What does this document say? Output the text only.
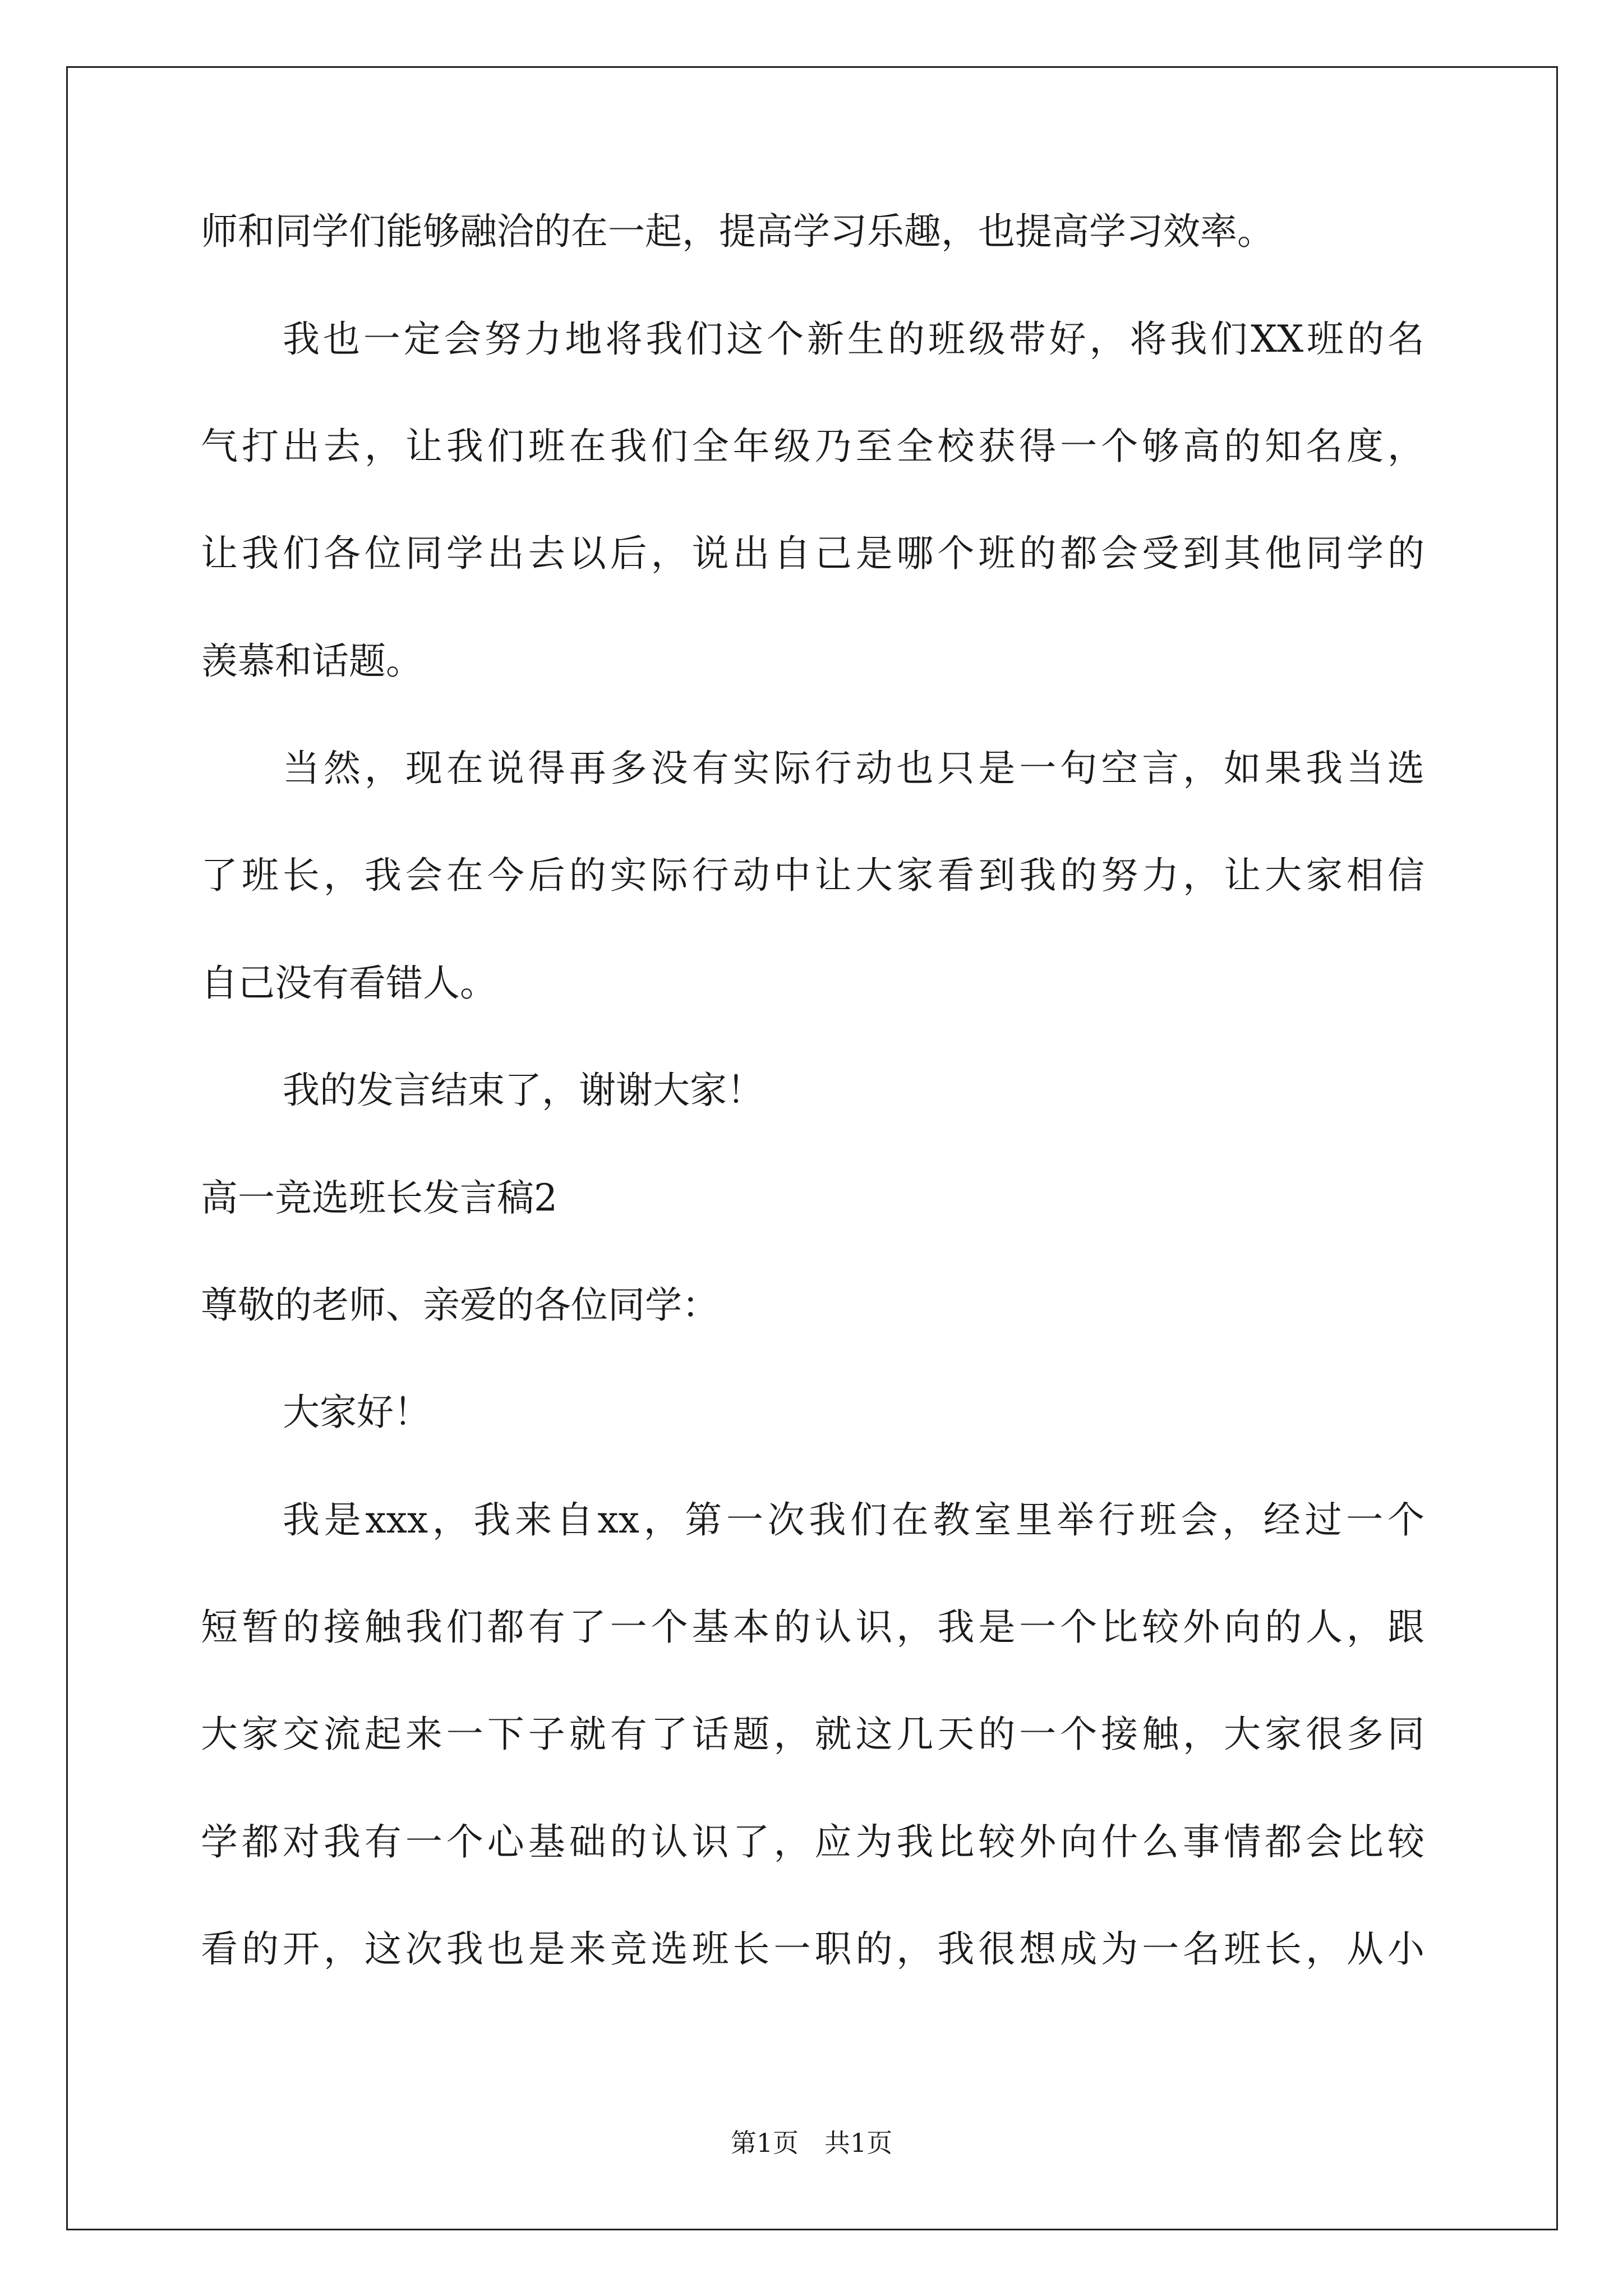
师和同学们能够融洽的在一起，提高学习乐趣，也提高学习效率。
我也一定会努力地将我们这个新生的班级带好，将我们XX班的名
气打出去，让我们班在我们全年级乃至全校获得一个够高的知名度，
让我们各位同学出去以后，说出自己是哪个班的都会受到其他同学的
羡慕和话题。
当然，现在说得再多没有实际行动也只是一句空言，如果我当选
了班长，我会在今后的实际行动中让大家看到我的努力，让大家相信
自己没有看错人。
我的发言结束了，谢谢大家！
高一竞选班长发言稿2
尊敬的老师、亲爱的各位同学：
大家好！
我是xxx，我来自xx，第一次我们在教室里举行班会，经过一个
短暂的接触我们都有了一个基本的认识，我是一个比较外向的人，跟
大家交流起来一下子就有了话题，就这几天的一个接触，大家很多同
学都对我有一个心基础的认识了，应为我比较外向什么事情都会比较
看的开，这次我也是来竞选班长一职的，我很想成为一名班长，从小
第1页　共1页
